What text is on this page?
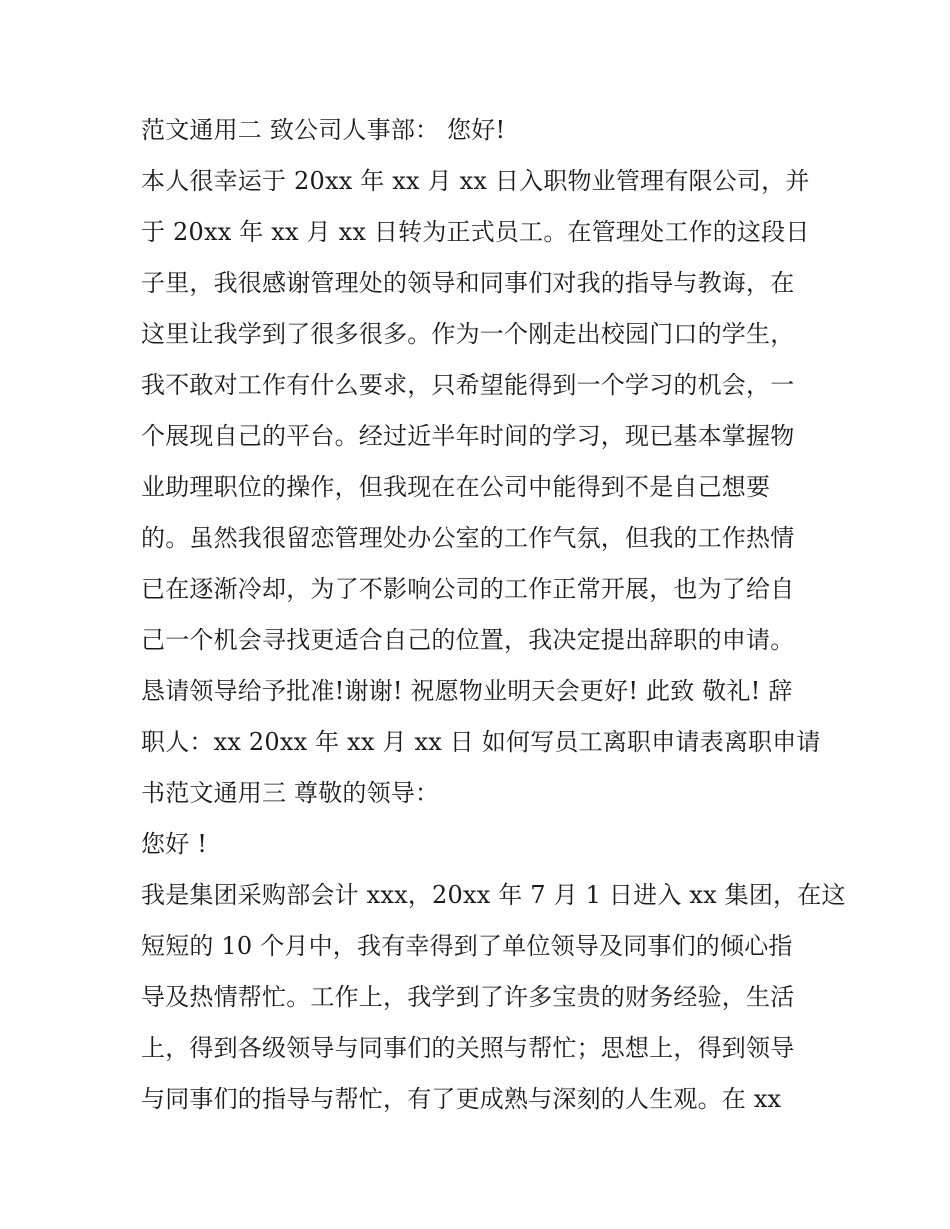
范文通用二 致公司人事部： 您好!
本人很幸运于 20xx 年 xx 月 xx 日入职物业管理有限公司，并
于 20xx 年 xx 月 xx 日转为正式员工。在管理处工作的这段日
子里，我很感谢管理处的领导和同事们对我的指导与教诲，在
这里让我学到了很多很多。作为一个刚走出校园门口的学生，
我不敢对工作有什么要求，只希望能得到一个学习的机会，一
个展现自己的平台。经过近半年时间的学习，现已基本掌握物
业助理职位的操作，但我现在在公司中能得到不是自己想要
的。虽然我很留恋管理处办公室的工作气氛，但我的工作热情
已在逐渐冷却，为了不影响公司的工作正常开展，也为了给自
己一个机会寻找更适合自己的位置，我决定提出辞职的申请。
恳请领导给予批准!谢谢! 祝愿物业明天会更好! 此致 敬礼! 辞
职人：xx 20xx 年 xx 月 xx 日 如何写员工离职申请表离职申请
书范文通用三 尊敬的领导：
您好 !
我是集团采购部会计 xxx，20xx 年 7 月 1 日进入 xx 集团，在这
短短的 10 个月中，我有幸得到了单位领导及同事们的倾心指
导及热情帮忙。工作上，我学到了许多宝贵的财务经验，生活
上，得到各级领导与同事们的关照与帮忙；思想上，得到领导
与同事们的指导与帮忙，有了更成熟与深刻的人生观。在 xx
